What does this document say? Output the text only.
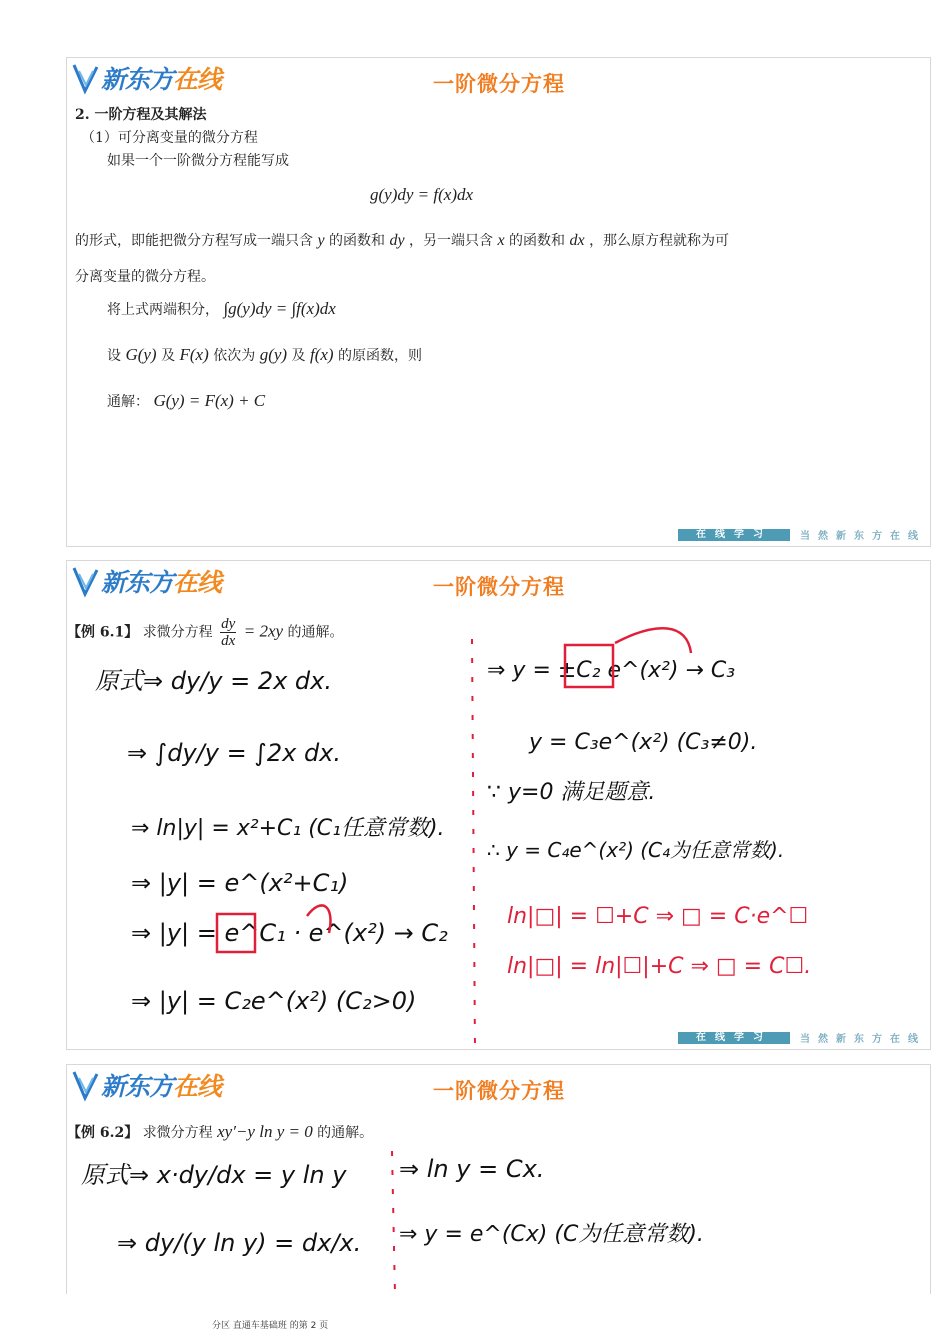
新东方在线	一阶微分方程
2. 一阶方程及其解法
（1）可分离变量的微分方程
如果一个一阶微分方程能写成
g(y)dy = f(x)dx
的形式，即能把微分方程写成一端只含 y 的函数和 dy ，另一端只含 x 的函数和 dx ，那么原方程就称为可
分离变量的微分方程。
将上式两端积分， ∫g(y)dy = ∫f(x)dx
设 G(y) 及 F(x) 依次为 g(y) 及 f(x) 的原函数，则
通解： G(y) = F(x) + C
在线学习	当然新东方在线
新东方在线	一阶微分方程
【例 6.1】 求微分方程 $\frac{dy}{dx} = 2xy$ 的通解。
原式⇒ dy/y = 2x dx.
⇒ ∫dy/y = ∫2x dx.
⇒ ln|y| = x²+C₁ (C₁任意常数).
⇒ |y| = e^(x²+C₁)
⇒ |y| = e^C₁ · e^(x²) → C₂
⇒ |y| = C₂e^(x²) (C₂>0)
⇒ y = ±C₂ e^(x²) → C₃
y = C₃e^(x²) (C₃≠0).
∵ y=0 满足题意.
∴ y = C₄e^(x²) (C₄为任意常数).
ln|□| = ☐+C ⇒ □ = C·e^☐
ln|□| = ln|☐|+C ⇒ □ = C☐.
在线学习	当然新东方在线
新东方在线	一阶微分方程
【例 6.2】 求微分方程 xy′−y ln y = 0 的通解。
原式⇒ x·dy/dx = y ln y
⇒ dy/(y ln y) = dx/x.
⇒ ln y = Cx.
⇒ y = e^(Cx) (C为任意常数).
分区 直通车基础班 的第 2 页
